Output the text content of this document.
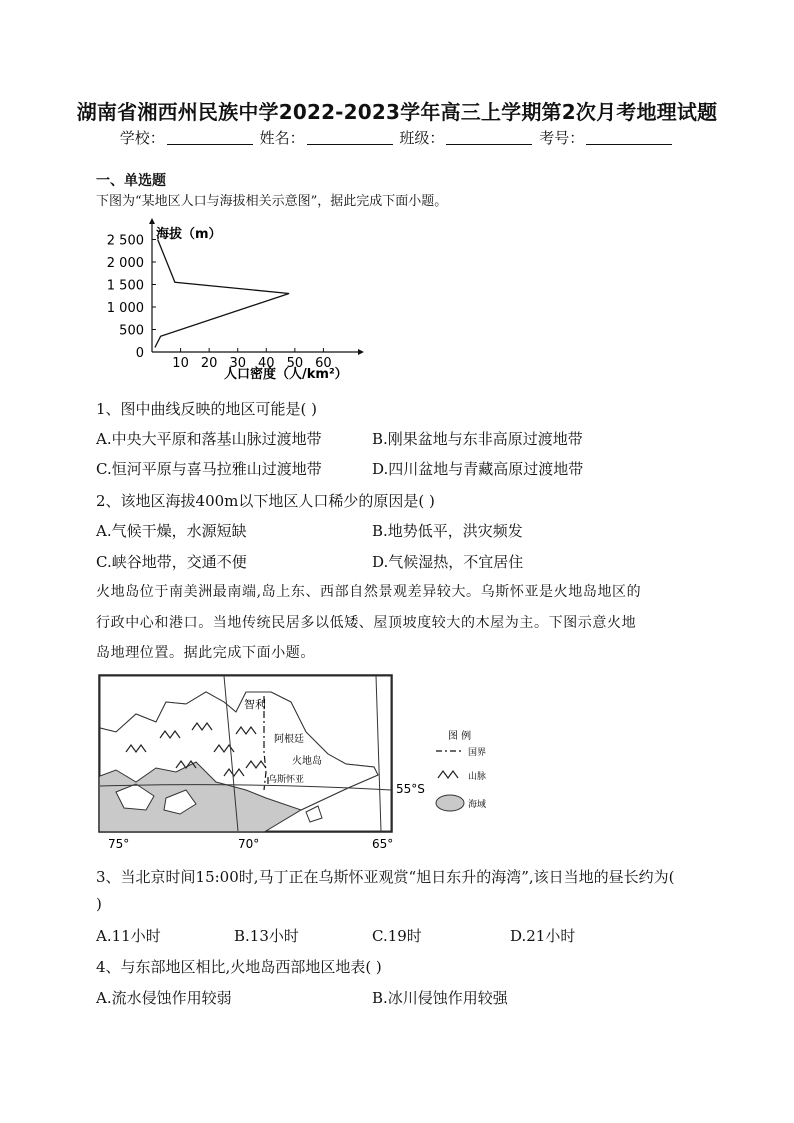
湖南省湘西州民族中学2022-2023学年高三上学期第2次月考地理试题
学校：	姓名：	班级：	考号：
一、单选题
下图为“某地区人口与海拔相关示意图”，据此完成下面小题。
海拔（m）
人口密度（人/km²）
0
500
1 000
1 500
2 000
2 500
10 20 30 40 50 60
1、图中曲线反映的地区可能是( )
A.中央大平原和落基山脉过渡地带	B.刚果盆地与东非高原过渡地带
C.恒河平原与喜马拉雅山过渡地带	D.四川盆地与青藏高原过渡地带
2、该地区海拔400m以下地区人口稀少的原因是( )
A.气候干燥，水源短缺	B.地势低平，洪灾频发
C.峡谷地带，交通不便	D.气候湿热，不宜居住
火地岛位于南美洲最南端,岛上东、西部自然景观差异较大。乌斯怀亚是火地岛地区的
行政中心和港口。当地传统民居多以低矮、屋顶坡度较大的木屋为主。下图示意火地
岛地理位置。据此完成下面小题。
智利
阿根廷
火地岛
乌斯怀亚
55°S
75°	70°	65°
图 例
国界
山脉
海域
3、当北京时间15:00时,马丁正在乌斯怀亚观赏“旭日东升的海湾”,该日当地的昼长约为(
)
A.11小时	B.13小时	C.19时	D.21小时
4、与东部地区相比,火地岛西部地区地表( )
A.流水侵蚀作用较弱	B.冰川侵蚀作用较强
